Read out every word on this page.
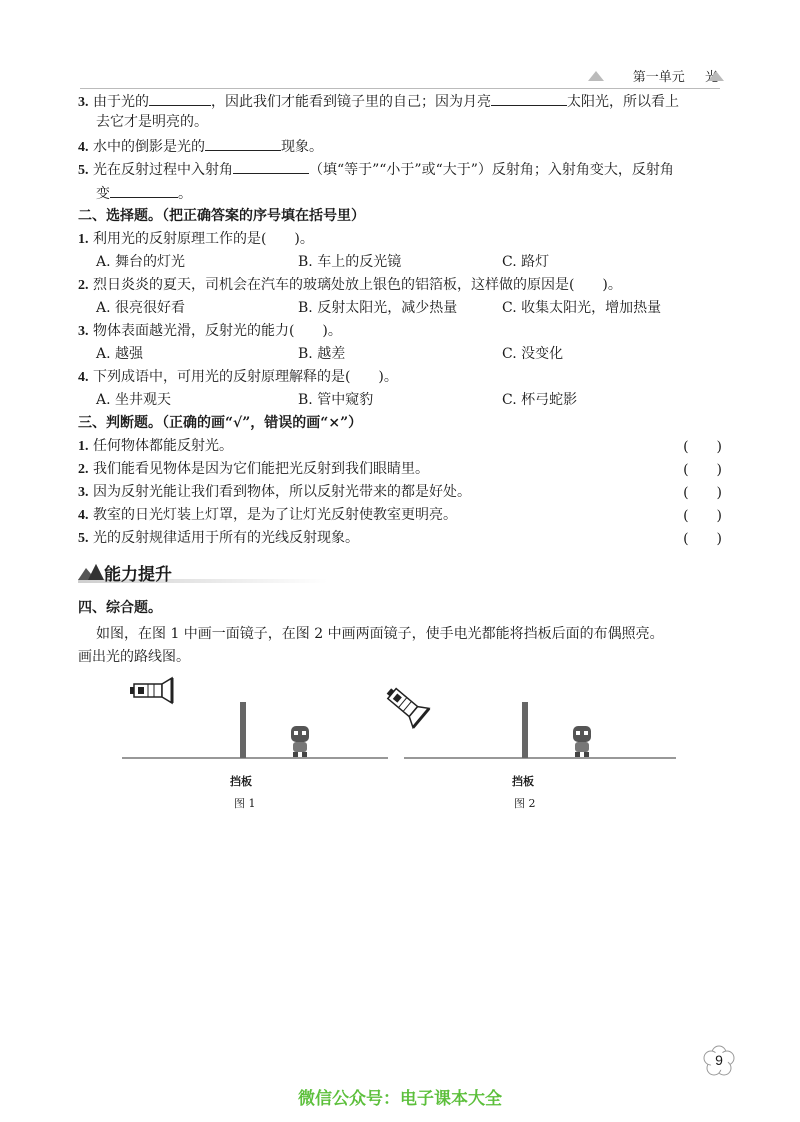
第一单元 光
3. 由于光的	，因此我们才能看到镜子里的自己；因为月亮	太阳光，所以看上
去它才是明亮的。
4. 水中的倒影是光的	现象。
5. 光在反射过程中入射角	（填“等于”“小于”或“大于”）反射角；入射角变大，反射角
变	。
二、选择题。（把正确答案的序号填在括号里）
1. 利用光的反射原理工作的是(　　)。
A. 舞台的灯光	B. 车上的反光镜	C. 路灯
2. 烈日炎炎的夏天，司机会在汽车的玻璃处放上银色的铝箔板，这样做的原因是(　　)。
A. 很亮很好看	B. 反射太阳光，减少热量	C. 收集太阳光，增加热量
3. 物体表面越光滑，反射光的能力(　　)。
A. 越强	B. 越差	C. 没变化
4. 下列成语中，可用光的反射原理解释的是(　　)。
A. 坐井观天	B. 管中窥豹	C. 杯弓蛇影
三、判断题。（正确的画“√”，错误的画“×”）
1. 任何物体都能反射光。	(　　)
2. 我们能看见物体是因为它们能把光反射到我们眼睛里。	(　　)
3. 因为反射光能让我们看到物体，所以反射光带来的都是好处。	(　　)
4. 教室的日光灯装上灯罩，是为了让灯光反射使教室更明亮。	(　　)
5. 光的反射规律适用于所有的光线反射现象。	(　　)
能力提升
四、综合题。
如图，在图 1 中画一面镜子，在图 2 中画两面镜子，使手电光都能将挡板后面的布偶照亮。
画出光的路线图。
挡板
图 1
挡板
图 2
9
微信公众号：电子课本大全
